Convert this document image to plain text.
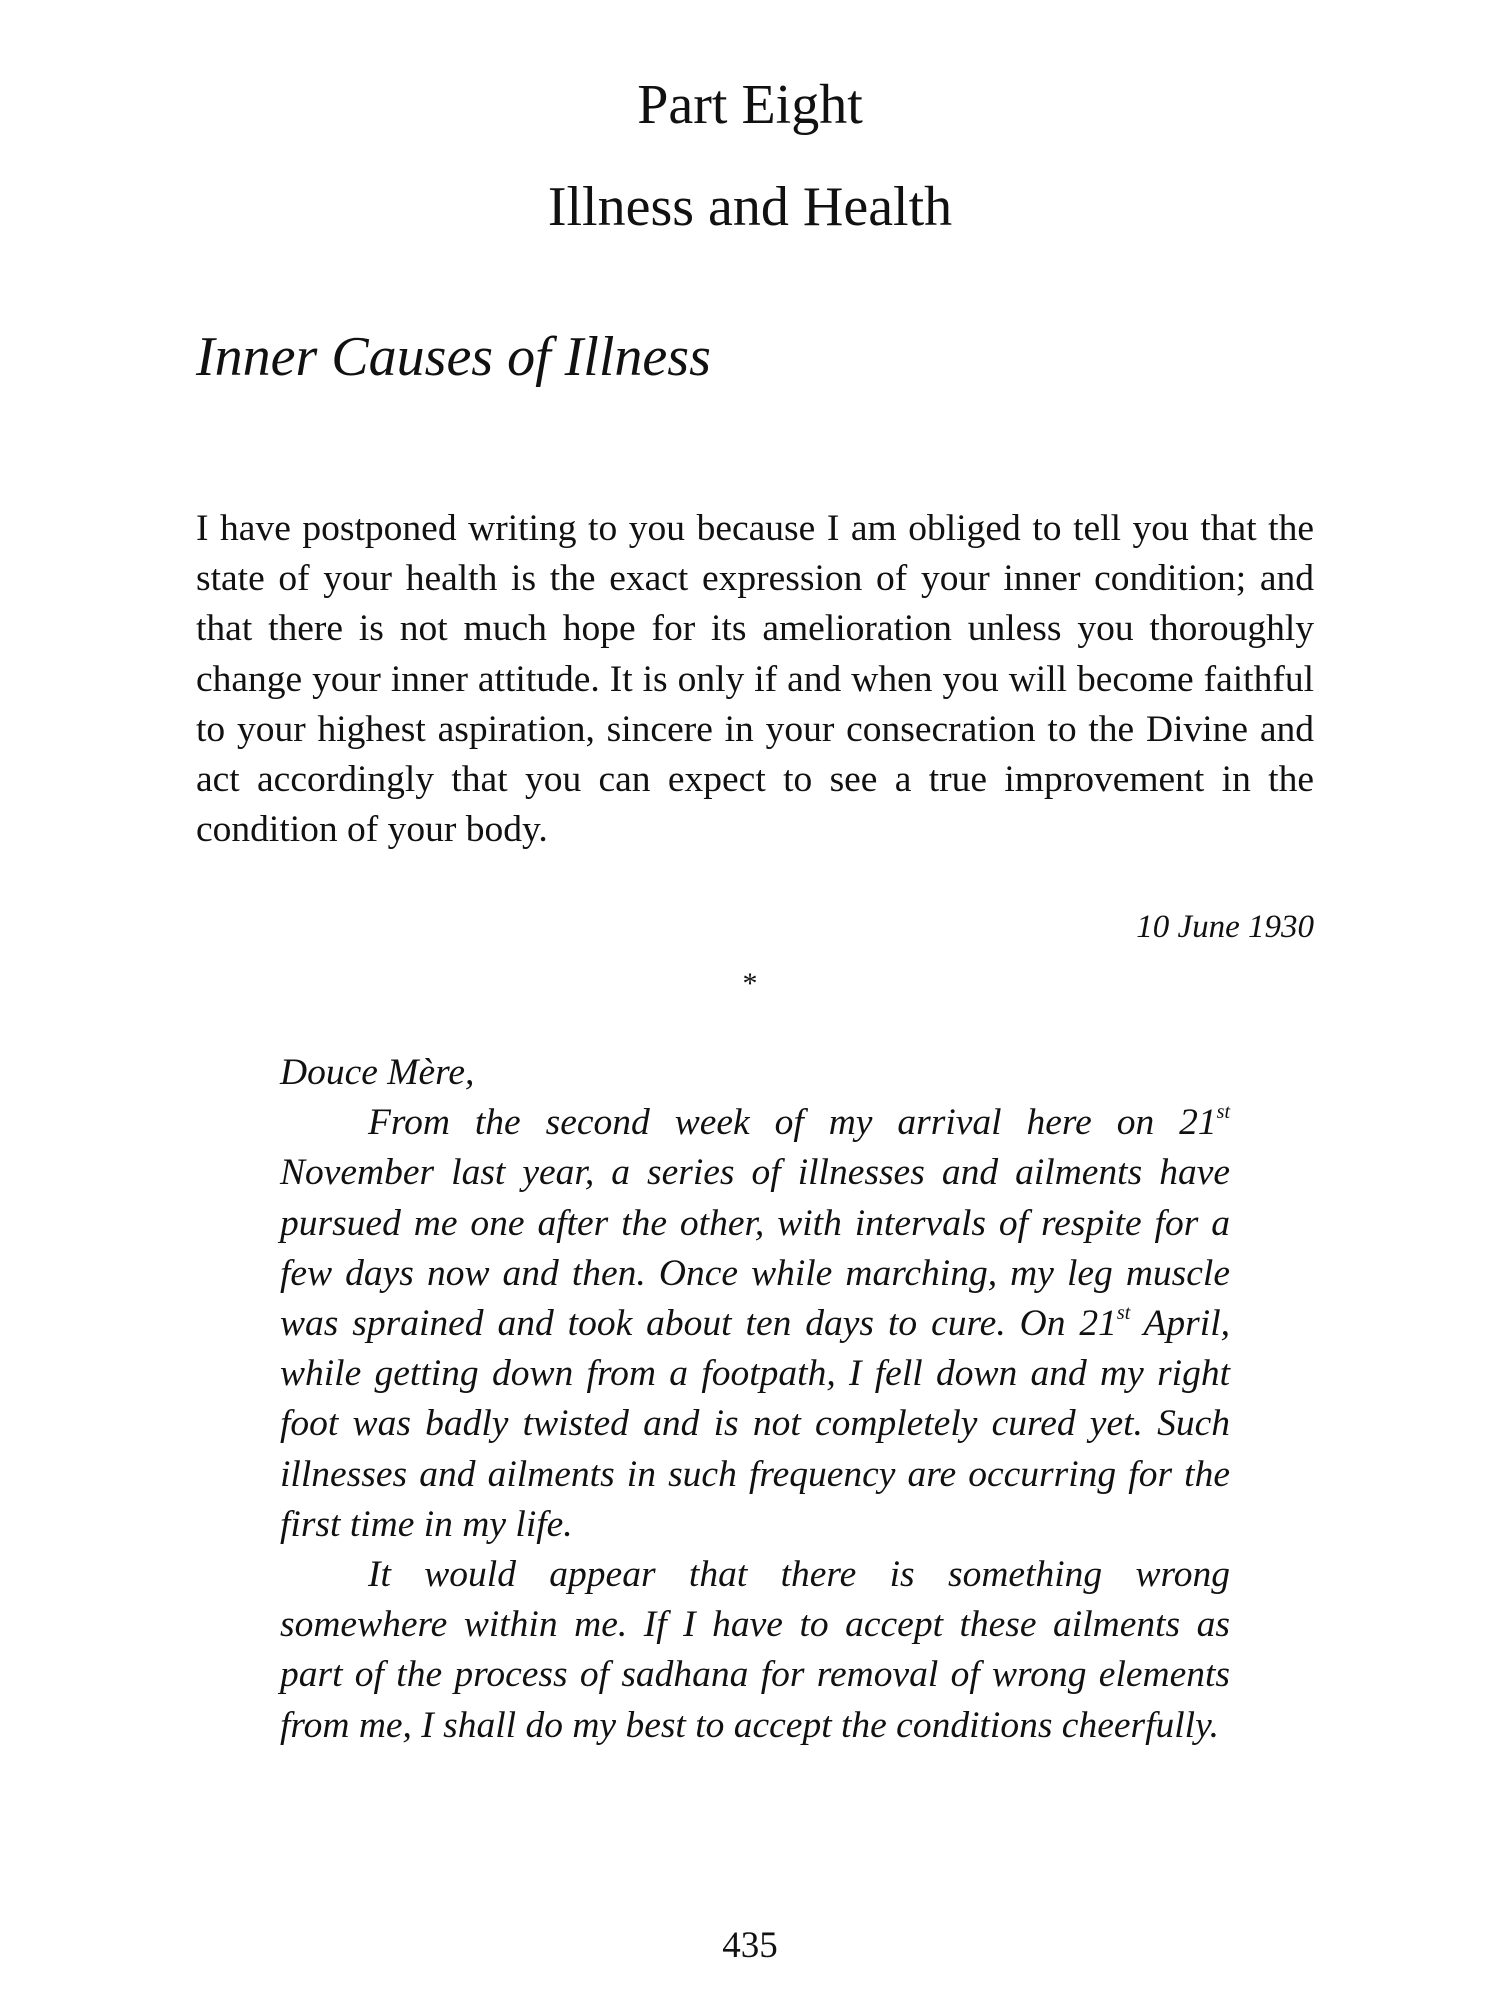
Part Eight
Illness and Health
Inner Causes of Illness

I have postponed writing to you because I am obliged to tell you that the state of your health is the exact expression of your inner condition; and that there is not much hope for its amelioration unless you thoroughly change your inner attitude. It is only if and when you will become faithful to your highest aspiration, sincere in your consecration to the Divine and act accordingly that you can expect to see a true improvement in the condition of your body.

10 June 1930

*

Douce Mère,

From the second week of my arrival here on 21st November last year, a series of illnesses and ailments have pursued me one after the other, with intervals of respite for a few days now and then. Once while marching, my leg muscle was sprained and took about ten days to cure. On 21st April, while getting down from a footpath, I fell down and my right foot was badly twisted and is not completely cured yet. Such illnesses and ailments in such frequency are occurring for the first time in my life.

It would appear that there is something wrong somewhere within me. If I have to accept these ailments as part of the process of sadhana for removal of wrong elements from me, I shall do my best to accept the conditions cheerfully.

435
